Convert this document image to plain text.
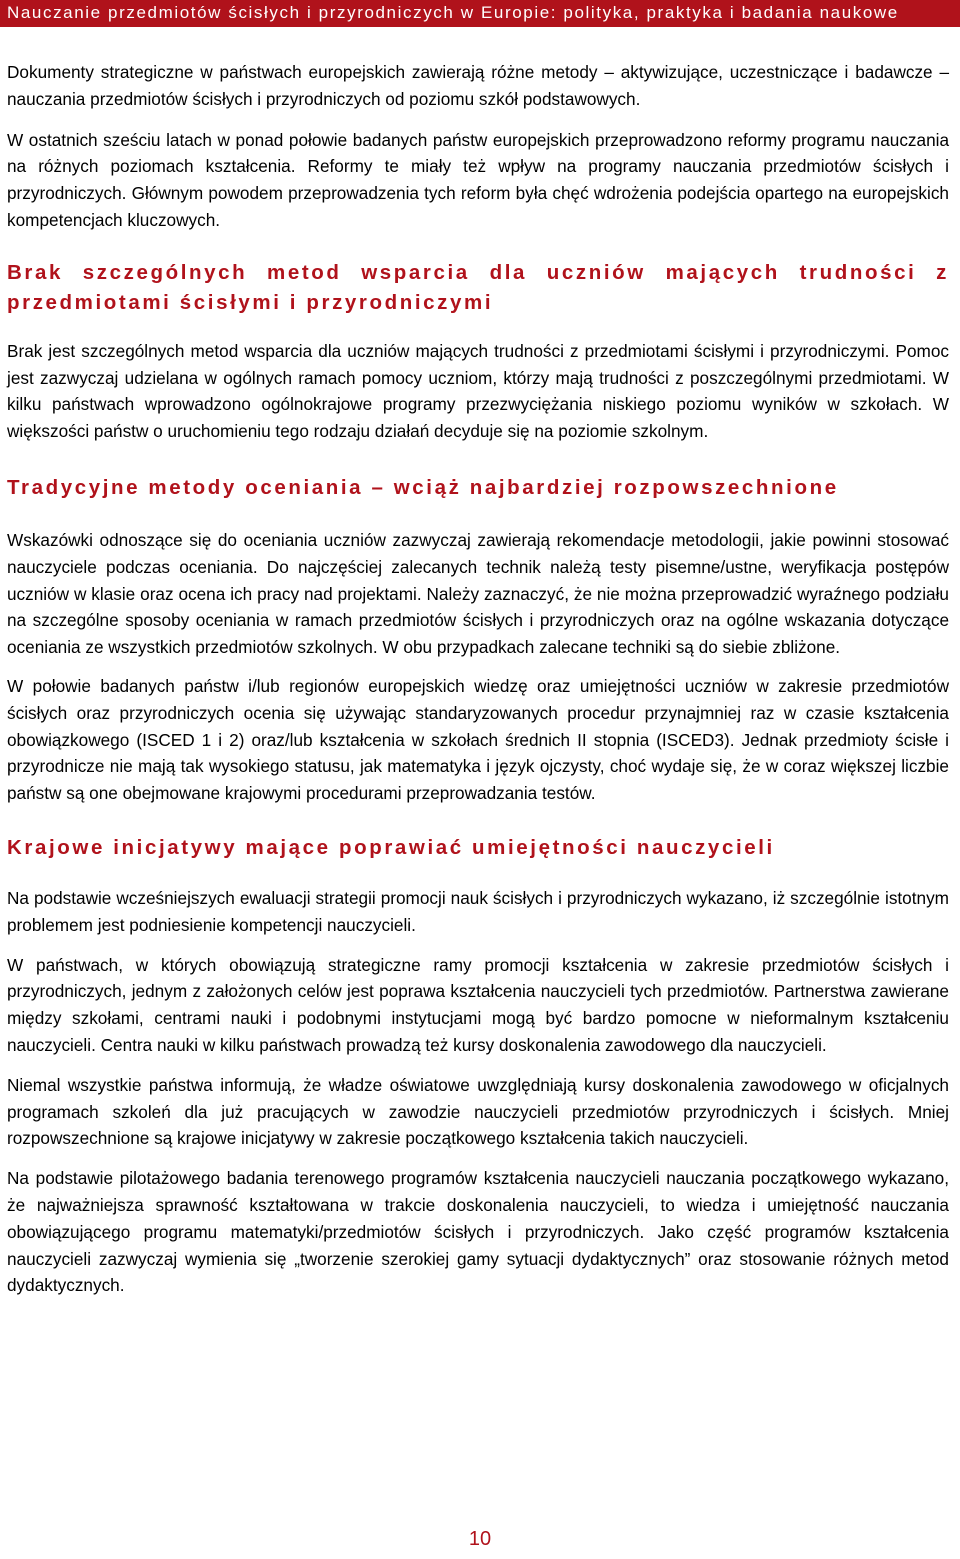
Nauczanie przedmiotów ścisłych i przyrodniczych w Europie: polityka, praktyka i badania naukowe

Dokumenty strategiczne w państwach europejskich zawierają różne metody – aktywizujące, uczestniczące i badawcze – nauczania przedmiotów ścisłych i przyrodniczych od poziomu szkół podstawowych.

W ostatnich sześciu latach w ponad połowie badanych państw europejskich przeprowadzono reformy programu nauczania na różnych poziomach kształcenia. Reformy te miały też wpływ na programy nauczania przedmiotów ścisłych i przyrodniczych. Głównym powodem przeprowadzenia tych reform była chęć wdrożenia podejścia opartego na europejskich kompetencjach kluczowych.

Brak szczególnych metod wsparcia dla uczniów mających trudności z przedmiotami ścisłymi i przyrodniczymi

Brak jest szczególnych metod wsparcia dla uczniów mających trudności z przedmiotami ścisłymi i przyrodniczymi. Pomoc jest zazwyczaj udzielana w ogólnych ramach pomocy uczniom, którzy mają trudności z poszczególnymi przedmiotami. W kilku państwach wprowadzono ogólnokrajowe programy przezwyciężania niskiego poziomu wyników w szkołach. W większości państw o uruchomieniu tego rodzaju działań decyduje się na poziomie szkolnym.

Tradycyjne metody oceniania – wciąż najbardziej rozpowszechnione

Wskazówki odnoszące się do oceniania uczniów zazwyczaj zawierają rekomendacje metodologii, jakie powinni stosować nauczyciele podczas oceniania. Do najczęściej zalecanych technik należą testy pisemne/ustne, weryfikacja postępów uczniów w klasie oraz ocena ich pracy nad projektami. Należy zaznaczyć, że nie można przeprowadzić wyraźnego podziału na szczególne sposoby oceniania w ramach przedmiotów ścisłych i przyrodniczych oraz na ogólne wskazania dotyczące oceniania ze wszystkich przedmiotów szkolnych. W obu przypadkach zalecane techniki są do siebie zbliżone.

W połowie badanych państw i/lub regionów europejskich wiedzę oraz umiejętności uczniów w zakresie przedmiotów ścisłych oraz przyrodniczych ocenia się używając standaryzowanych procedur przynajmniej raz w czasie kształcenia obowiązkowego (ISCED 1 i 2) oraz/lub kształcenia w szkołach średnich II stopnia (ISCED3). Jednak przedmioty ścisłe i przyrodnicze nie mają tak wysokiego statusu, jak matematyka i język ojczysty, choć wydaje się, że w coraz większej liczbie państw są one obejmowane krajowymi procedurami przeprowadzania testów.

Krajowe inicjatywy mające poprawiać umiejętności nauczycieli

Na podstawie wcześniejszych ewaluacji strategii promocji nauk ścisłych i przyrodniczych wykazano, iż szczególnie istotnym problemem jest podniesienie kompetencji nauczycieli.

W państwach, w których obowiązują strategiczne ramy promocji kształcenia w zakresie przedmiotów ścisłych i przyrodniczych, jednym z założonych celów jest poprawa kształcenia nauczycieli tych przedmiotów. Partnerstwa zawierane między szkołami, centrami nauki i podobnymi instytucjami mogą być bardzo pomocne w nieformalnym kształceniu nauczycieli. Centra nauki w kilku państwach prowadzą też kursy doskonalenia zawodowego dla nauczycieli.

Niemal wszystkie państwa informują, że władze oświatowe uwzględniają kursy doskonalenia zawodowego w oficjalnych programach szkoleń dla już pracujących w zawodzie nauczycieli przedmiotów przyrodniczych i ścisłych. Mniej rozpowszechnione są krajowe inicjatywy w zakresie początkowego kształcenia takich nauczycieli.

Na podstawie pilotażowego badania terenowego programów kształcenia nauczycieli nauczania początkowego wykazano, że najważniejsza sprawność kształtowana w trakcie doskonalenia nauczycieli, to wiedza i umiejętność nauczania obowiązującego programu matematyki/przedmiotów ścisłych i przyrodniczych. Jako część programów kształcenia nauczycieli zazwyczaj wymienia się „tworzenie szerokiej gamy sytuacji dydaktycznych” oraz stosowanie różnych metod dydaktycznych.

10
